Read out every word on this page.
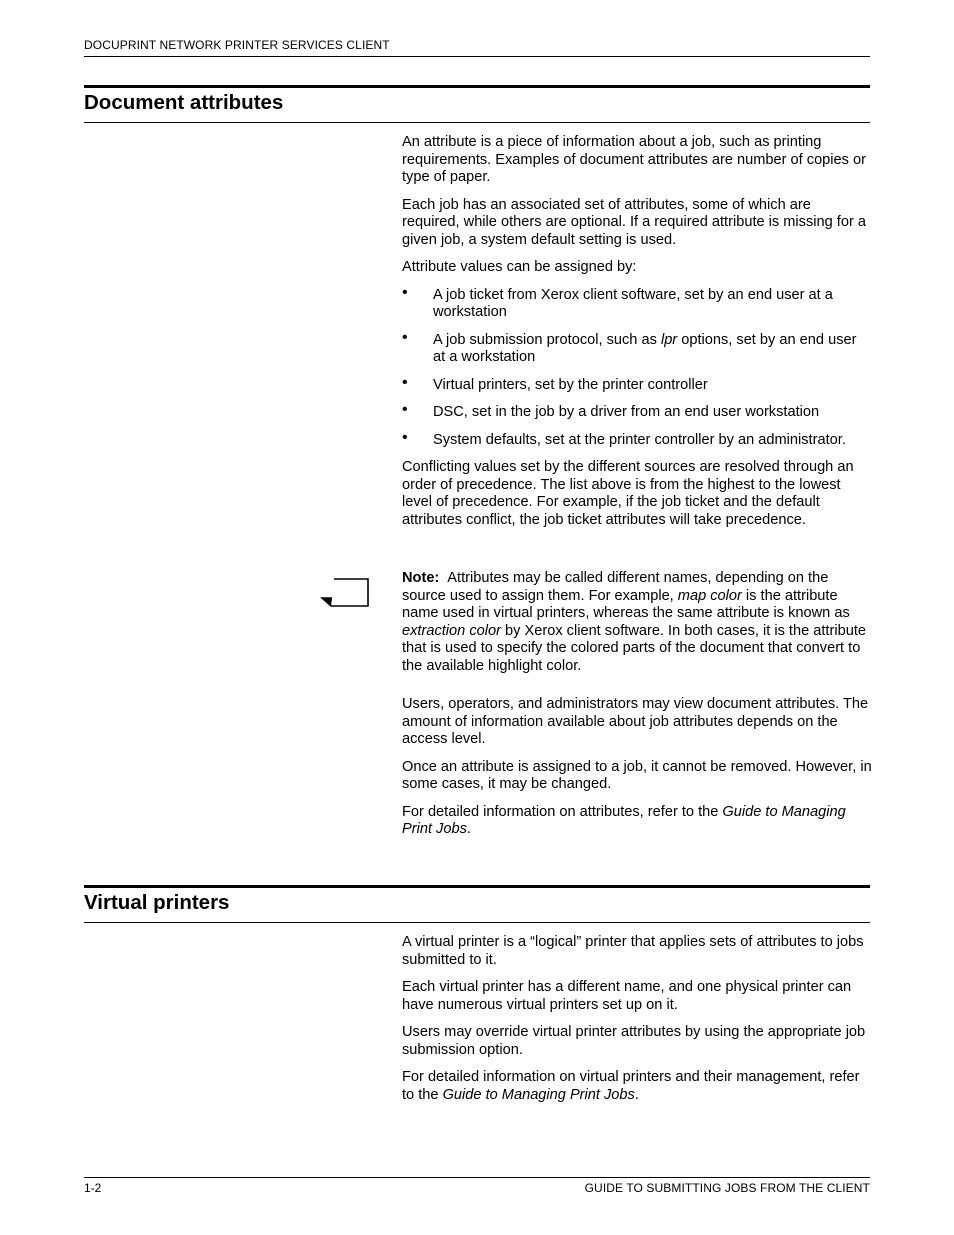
DOCUPRINT NETWORK PRINTER SERVICES CLIENT
Document attributes

An attribute is a piece of information about a job, such as printing requirements. Examples of document attributes are number of copies or type of paper.

Each job has an associated set of attributes, some of which are required, while others are optional. If a required attribute is missing for a given job, a system default setting is used.

Attribute values can be assigned by:

• A job ticket from Xerox client software, set by an end user at a workstation
• A job submission protocol, such as lpr options, set by an end user at a workstation
• Virtual printers, set by the printer controller
• DSC, set in the job by a driver from an end user workstation
• System defaults, set at the printer controller by an administrator.

Conflicting values set by the different sources are resolved through an order of precedence. The list above is from the highest to the lowest level of precedence. For example, if the job ticket and the default attributes conflict, the job ticket attributes will take precedence.

Note: Attributes may be called different names, depending on the source used to assign them. For example, map color is the attribute name used in virtual printers, whereas the same attribute is known as extraction color by Xerox client software. In both cases, it is the attribute that is used to specify the colored parts of the document that convert to the available highlight color.

Users, operators, and administrators may view document attributes. The amount of information available about job attributes depends on the access level.

Once an attribute is assigned to a job, it cannot be removed. However, in some cases, it may be changed.

For detailed information on attributes, refer to the Guide to Managing Print Jobs.

Virtual printers

A virtual printer is a “logical” printer that applies sets of attributes to jobs submitted to it.

Each virtual printer has a different name, and one physical printer can have numerous virtual printers set up on it.

Users may override virtual printer attributes by using the appropriate job submission option.

For detailed information on virtual printers and their management, refer to the Guide to Managing Print Jobs.

1-2	GUIDE TO SUBMITTING JOBS FROM THE CLIENT
